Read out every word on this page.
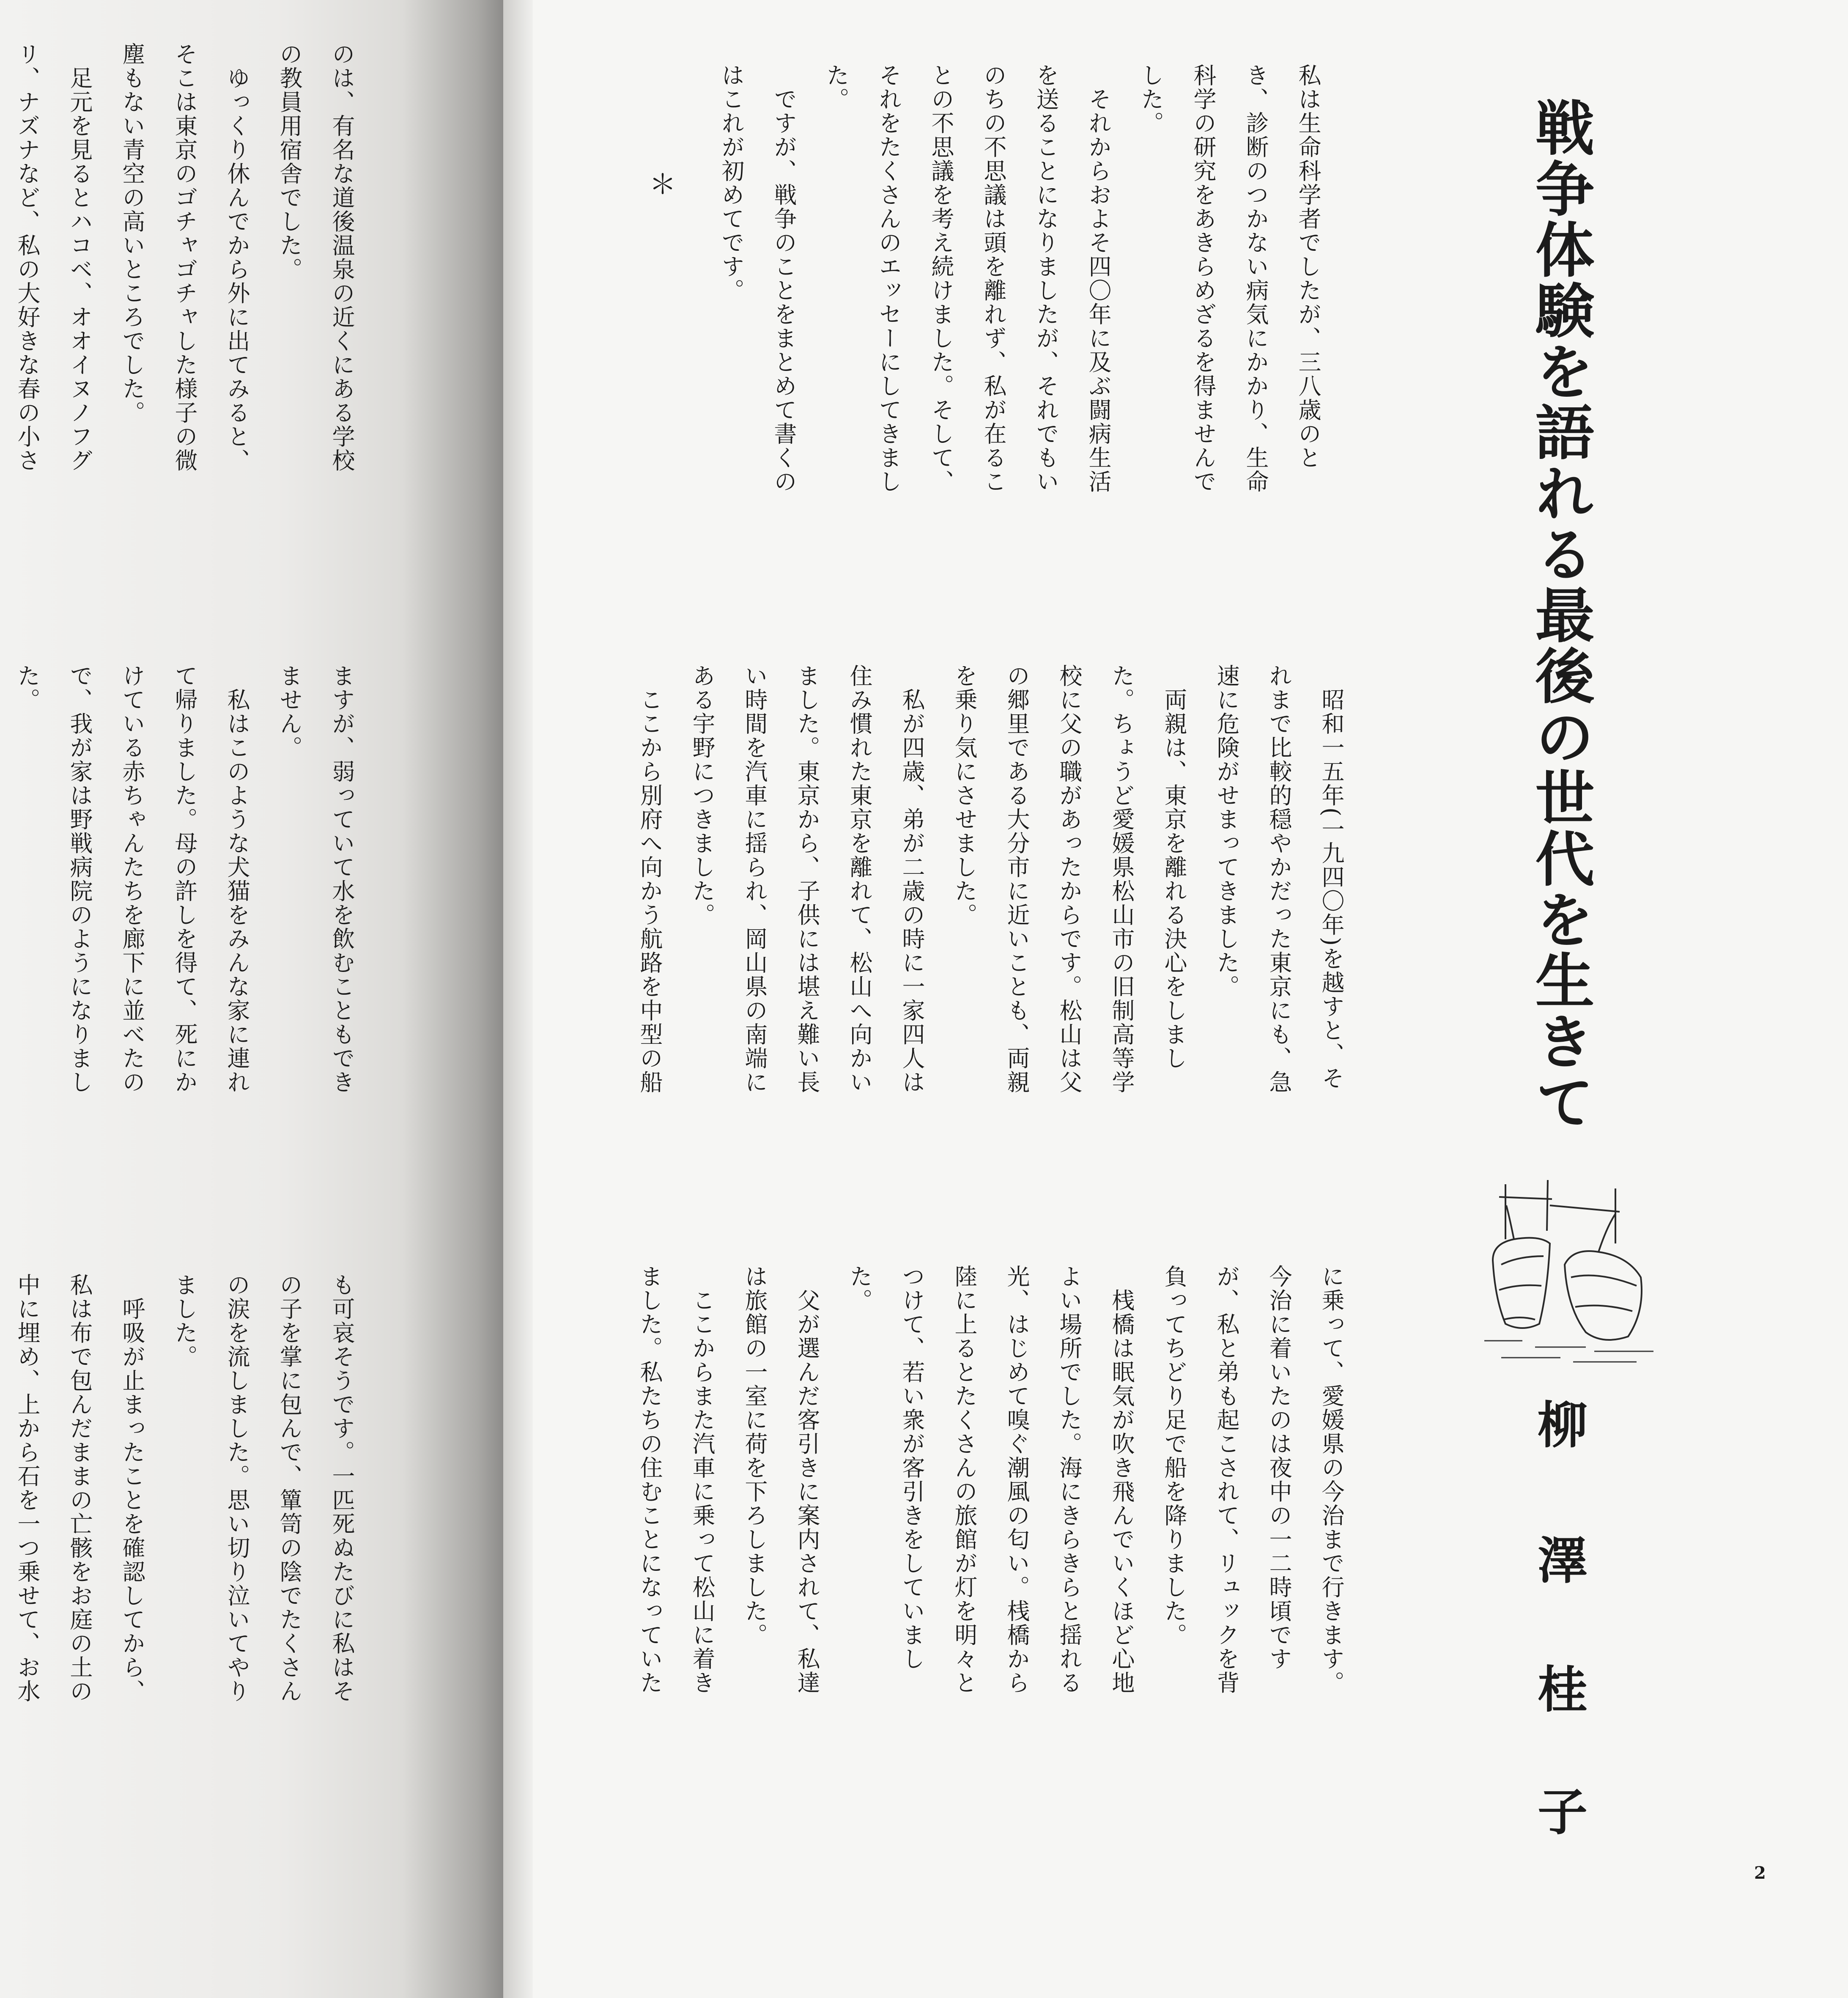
戦争体験を語れる最後の世代を生きて
柳
澤
桂
子
私は生命科学者でしたが、三八歳のと
き、診断のつかない病気にかかり、生命
科学の研究をあきらめざるを得ませんで
した。
　それからおよそ四〇年に及ぶ闘病生活
を送ることになりましたが、それでもい
のちの不思議は頭を離れず、私が在るこ
との不思議を考え続けました。そして、
それをたくさんのエッセーにしてきまし
た。
　ですが、戦争のことをまとめて書くの
はこれが初めてです。
＊
　昭和一五年(一九四〇年)を越すと、そ
れまで比較的穏やかだった東京にも、急
速に危険がせまってきました。
　両親は、東京を離れる決心をしまし
た。ちょうど愛媛県松山市の旧制高等学
校に父の職があったからです。松山は父
の郷里である大分市に近いことも、両親
を乗り気にさせました。
　私が四歳、弟が二歳の時に一家四人は
住み慣れた東京を離れて、松山へ向かい
ました。東京から、子供には堪え難い長
い時間を汽車に揺られ、岡山県の南端に
ある宇野につきました。
　ここから別府へ向かう航路を中型の船
に乗って、愛媛県の今治まで行きます。
今治に着いたのは夜中の一二時頃です
が、私と弟も起こされて、リュックを背
負ってちどり足で船を降りました。
　桟橋は眠気が吹き飛んでいくほど心地
よい場所でした。海にきらきらと揺れる
光、はじめて嗅ぐ潮風の匂い。桟橋から
陸に上るとたくさんの旅館が灯を明々と
つけて、若い衆が客引きをしていまし
た。
　父が選んだ客引きに案内されて、私達
は旅館の一室に荷を下ろしました。
　ここからまた汽車に乗って松山に着き
ました。私たちの住むことになっていた
のは、有名な道後温泉の近くにある学校
の教員用宿舎でした。
　ゆっくり休んでから外に出てみると、
そこは東京のゴチャゴチャした様子の微
塵もない青空の高いところでした。
　足元を見るとハコベ、オオイヌノフグ
リ、ナズナなど、私の大好きな春の小さ
ますが、弱っていて水を飲むこともでき
ません。
　私はこのような犬猫をみんな家に連れ
て帰りました。母の許しを得て、死にか
けている赤ちゃんたちを廊下に並べたの
で、我が家は野戦病院のようになりまし
た。
も可哀そうです。一匹死ぬたびに私はそ
の子を掌に包んで、簞笥の陰でたくさん
の涙を流しました。思い切り泣いてやり
ました。
　呼吸が止まったことを確認してから、
私は布で包んだままの亡骸をお庭の土の
中に埋め、上から石を一つ乗せて、お水
2
